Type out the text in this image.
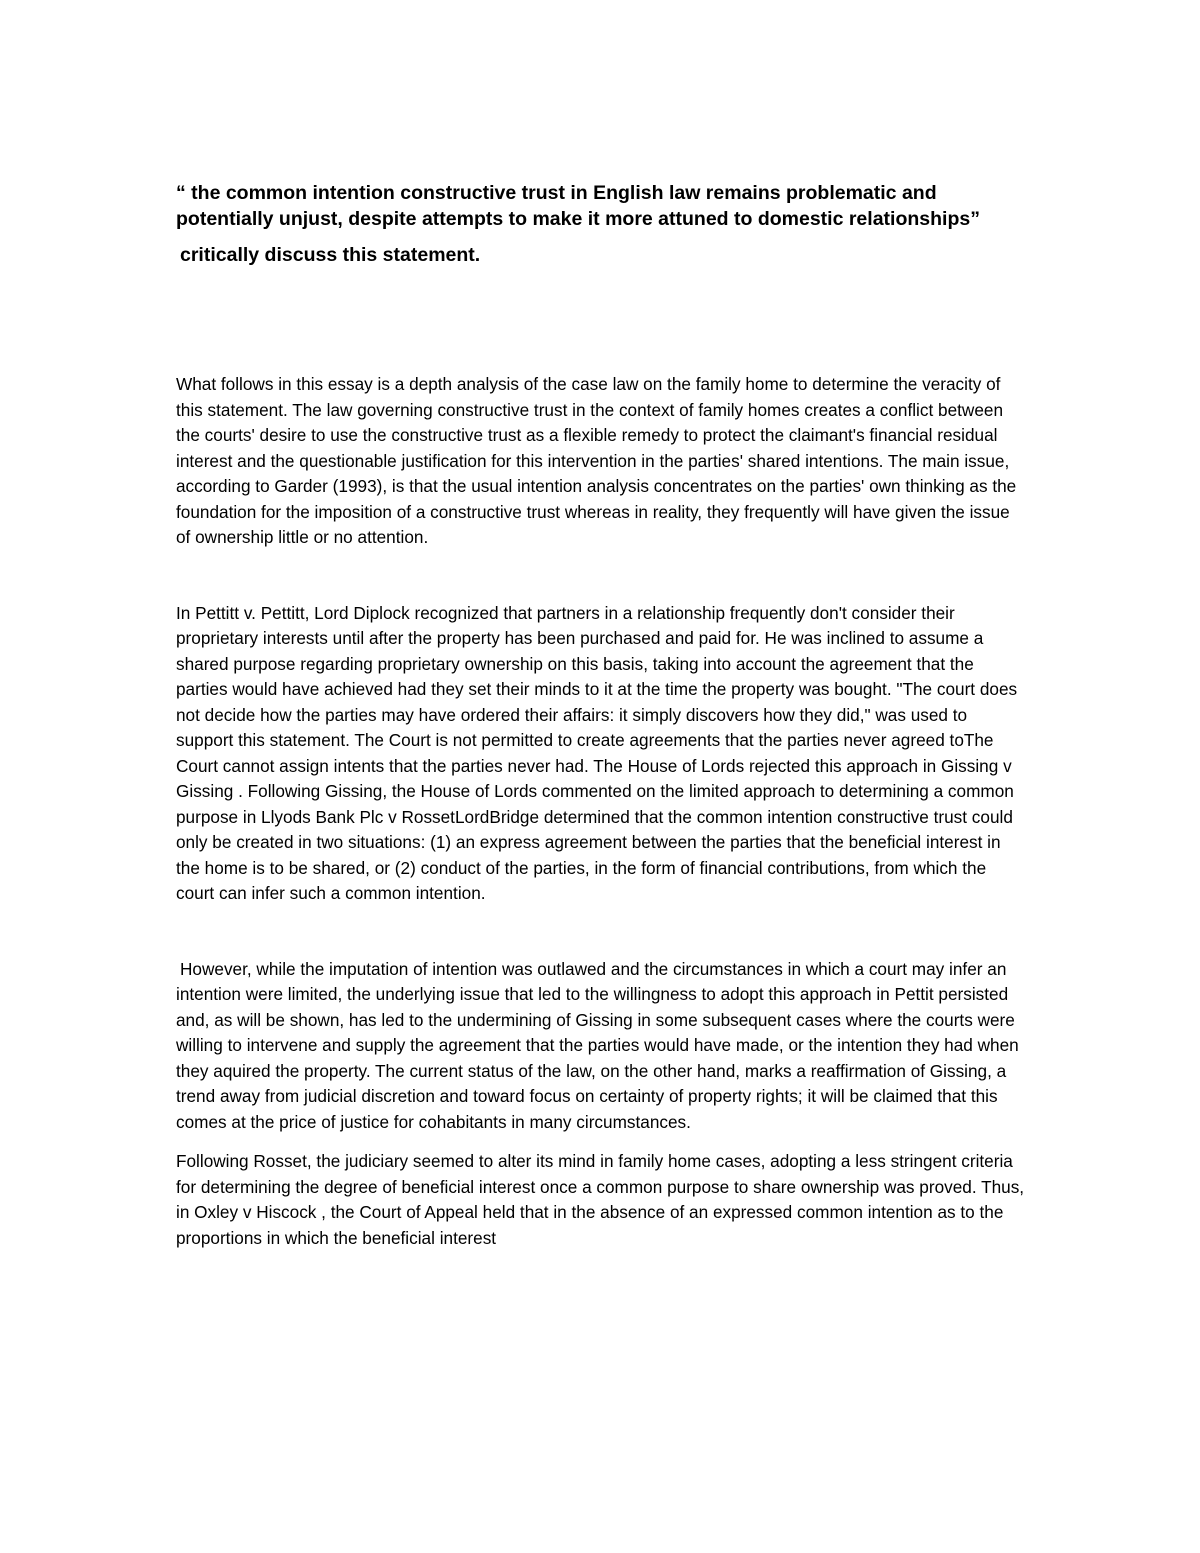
“ the common intention constructive trust in English law remains problematic and potentially unjust, despite attempts to make it more attuned to domestic relationships”

critically discuss this statement.

What follows in this essay is a depth analysis of the case law on the family home to determine the veracity of this statement. The law governing constructive trust in the context of family homes creates a conflict between the courts' desire to use the constructive trust as a flexible remedy to protect the claimant's financial residual interest and the questionable justification for this intervention in the parties' shared intentions. The main issue, according to Garder (1993), is that the usual intention analysis concentrates on the parties' own thinking as the foundation for the imposition of a constructive trust whereas in reality, they frequently will have given the issue of ownership little or no attention.

In Pettitt v. Pettitt, Lord Diplock recognized that partners in a relationship frequently don't consider their proprietary interests until after the property has been purchased and paid for. He was inclined to assume a shared purpose regarding proprietary ownership on this basis, taking into account the agreement that the parties would have achieved had they set their minds to it at the time the property was bought. "The court does not decide how the parties may have ordered their affairs: it simply discovers how they did," was used to support this statement. The Court is not permitted to create agreements that the parties never agreed toThe Court cannot assign intents that the parties never had. The House of Lords rejected this approach in Gissing v Gissing . Following Gissing, the House of Lords commented on the limited approach to determining a common purpose in Llyods Bank Plc v RossetLordBridge determined that the common intention constructive trust could only be created in two situations: (1) an express agreement between the parties that the beneficial interest in the home is to be shared, or (2) conduct of the parties, in the form of financial contributions, from which the court can infer such a common intention.

However, while the imputation of intention was outlawed and the circumstances in which a court may infer an intention were limited, the underlying issue that led to the willingness to adopt this approach in Pettit persisted and, as will be shown, has led to the undermining of Gissing in some subsequent cases where the courts were willing to intervene and supply the agreement that the parties would have made, or the intention they had when they aquired the property. The current status of the law, on the other hand, marks a reaffirmation of Gissing, a trend away from judicial discretion and toward focus on certainty of property rights; it will be claimed that this comes at the price of justice for cohabitants in many circumstances.

Following Rosset, the judiciary seemed to alter its mind in family home cases, adopting a less stringent criteria for determining the degree of beneficial interest once a common purpose to share ownership was proved. Thus, in Oxley v Hiscock , the Court of Appeal held that in the absence of an expressed common intention as to the proportions in which the beneficial interest
